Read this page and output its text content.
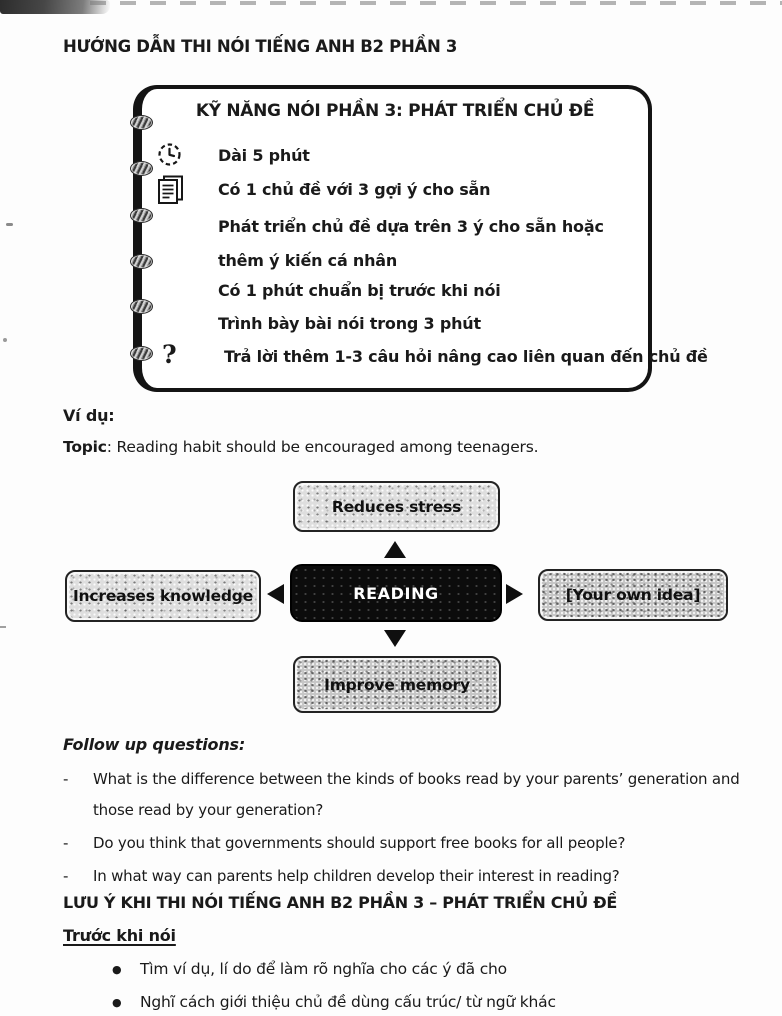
HƯỚNG DẪN THI NÓI TIẾNG ANH B2 PHẦN 3
KỸ NĂNG NÓI PHẦN 3: PHÁT TRIỂN CHỦ ĐỀ
Dài 5 phút
Có 1 chủ đề với 3 gợi ý cho sẵn
Phát triển chủ đề dựa trên 3 ý cho sẵn hoặc thêm ý kiến cá nhân
Có 1 phút chuẩn bị trước khi nói
Trình bày bài nói trong 3 phút
?	Trả lời thêm 1-3 câu hỏi nâng cao liên quan đến chủ đề
Ví dụ:
Topic: Reading habit should be encouraged among teenagers.
Reduces stress
Increases knowledge	READING	[Your own idea]
Improve memory
Follow up questions:
-	What is the difference between the kinds of books read by your parents’ generation and those read by your generation?
-	Do you think that governments should support free books for all people?
-	In what way can parents help children develop their interest in reading?
LƯU Ý KHI THI NÓI TIẾNG ANH B2 PHẦN 3 – PHÁT TRIỂN CHỦ ĐỀ
Trước khi nói
●	Tìm ví dụ, lí do để làm rõ nghĩa cho các ý đã cho
●	Nghĩ cách giới thiệu chủ đề dùng cấu trúc/ từ ngữ khác
